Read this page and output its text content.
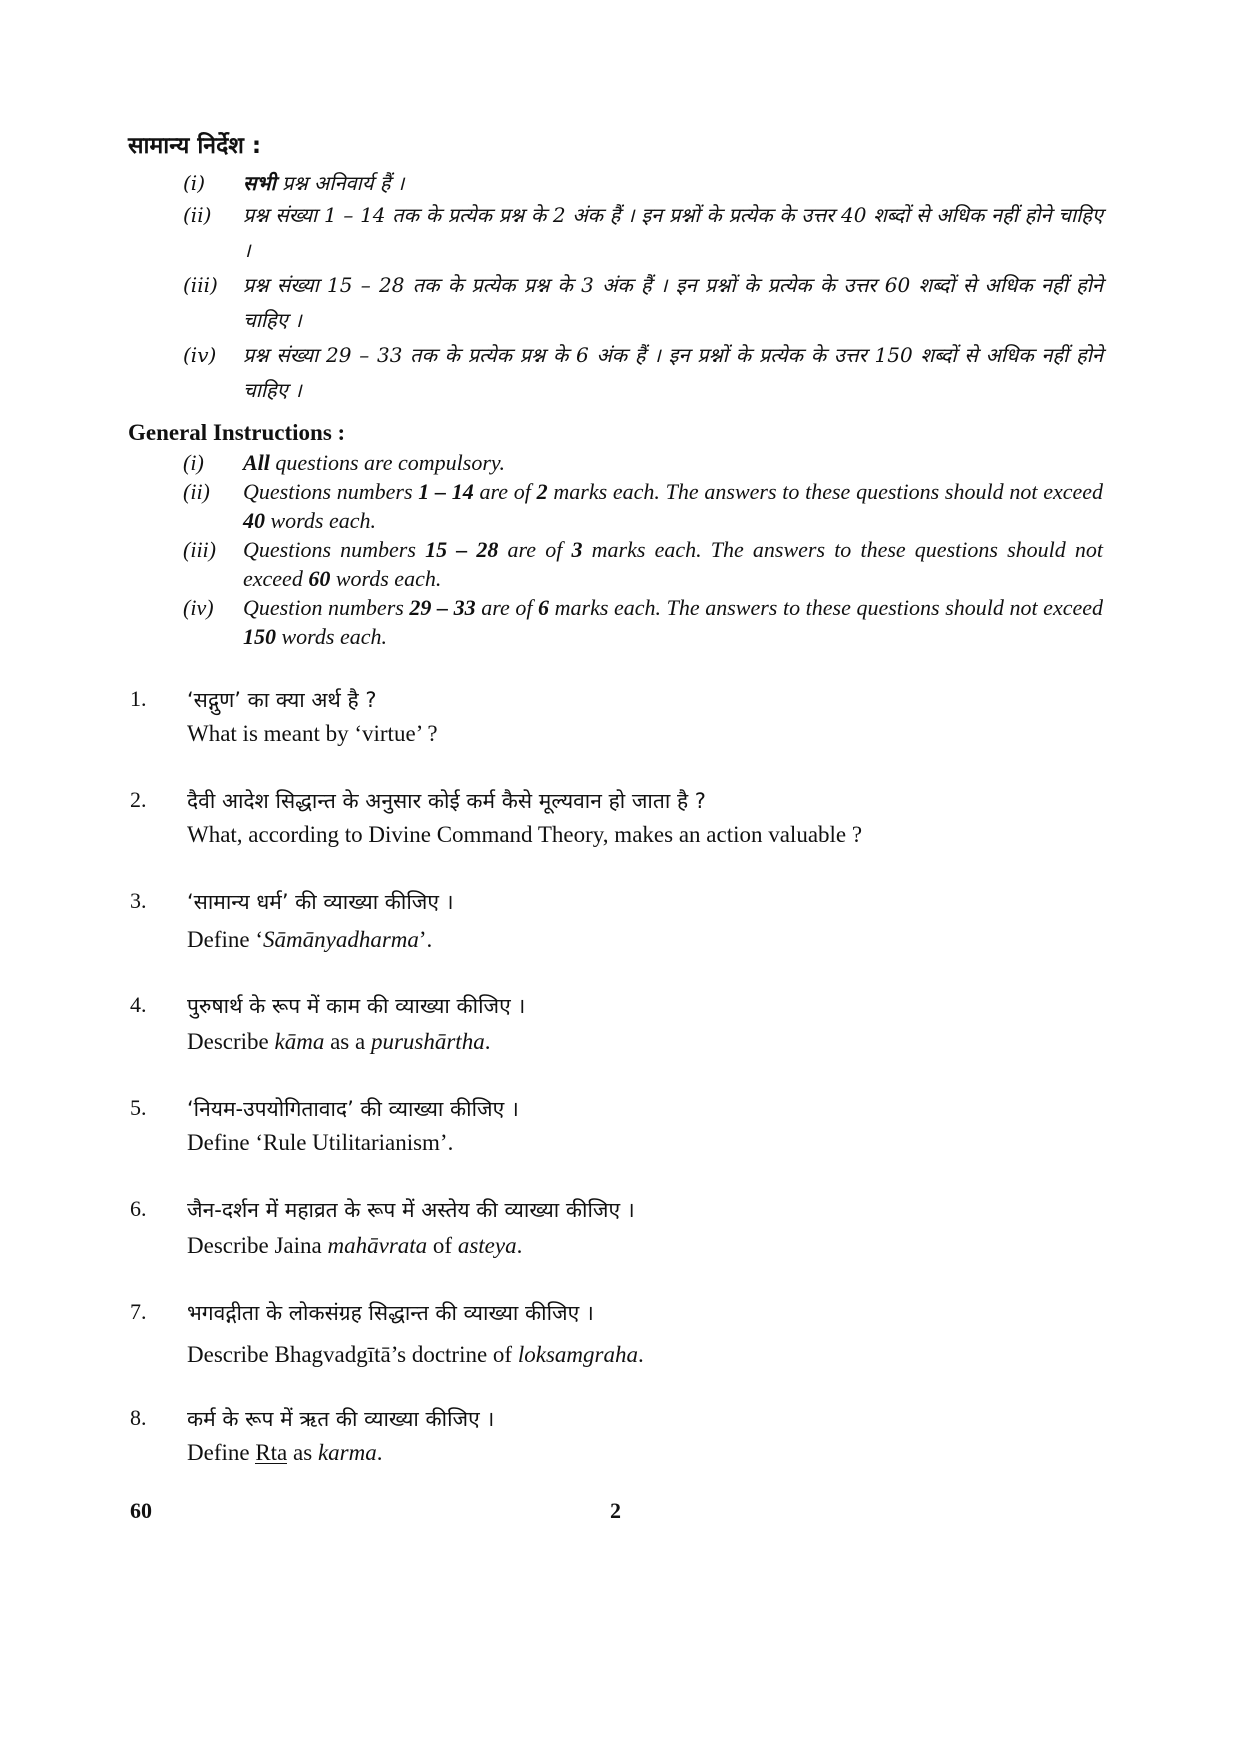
सामान्य निर्देश :
(i) सभी प्रश्न अनिवार्य हैं ।
(ii) प्रश्न संख्या 1 – 14 तक के प्रत्येक प्रश्न के 2 अंक हैं । इन प्रश्नों के प्रत्येक के उत्तर 40 शब्दों से अधिक नहीं होने चाहिए ।
(iii) प्रश्न संख्या 15 – 28 तक के प्रत्येक प्रश्न के 3 अंक हैं । इन प्रश्नों के प्रत्येक के उत्तर 60 शब्दों से अधिक नहीं होने चाहिए ।
(iv) प्रश्न संख्या 29 – 33 तक के प्रत्येक प्रश्न के 6 अंक हैं । इन प्रश्नों के प्रत्येक के उत्तर 150 शब्दों से अधिक नहीं होने चाहिए ।
General Instructions :
(i) All questions are compulsory.
(ii) Questions numbers 1 – 14 are of 2 marks each. The answers to these questions should not exceed 40 words each.
(iii) Questions numbers 15 – 28 are of 3 marks each. The answers to these questions should not exceed 60 words each.
(iv) Question numbers 29 – 33 are of 6 marks each. The answers to these questions should not exceed 150 words each.
1. ‘सद्गुण’ का क्या अर्थ है ?
What is meant by ‘virtue’ ?
2. दैवी आदेश सिद्धान्त के अनुसार कोई कर्म कैसे मूल्यवान हो जाता है ?
What, according to Divine Command Theory, makes an action valuable ?
3. ‘सामान्य धर्म’ की व्याख्या कीजिए ।
Define ‘Sāmānyadharma’.
4. पुरुषार्थ के रूप में काम की व्याख्या कीजिए ।
Describe kāma as a purushārtha.
5. ‘नियम-उपयोगितावाद’ की व्याख्या कीजिए ।
Define ‘Rule Utilitarianism’.
6. जैन-दर्शन में महाव्रत के रूप में अस्तेय की व्याख्या कीजिए ।
Describe Jaina mahāvrata of asteya.
7. भगवद्गीता के लोकसंग्रह सिद्धान्त की व्याख्या कीजिए ।
Describe Bhagvadgītā’s doctrine of loksamgraha.
8. कर्म के रूप में ऋत की व्याख्या कीजिए ।
Define Rta as karma.
60	2
